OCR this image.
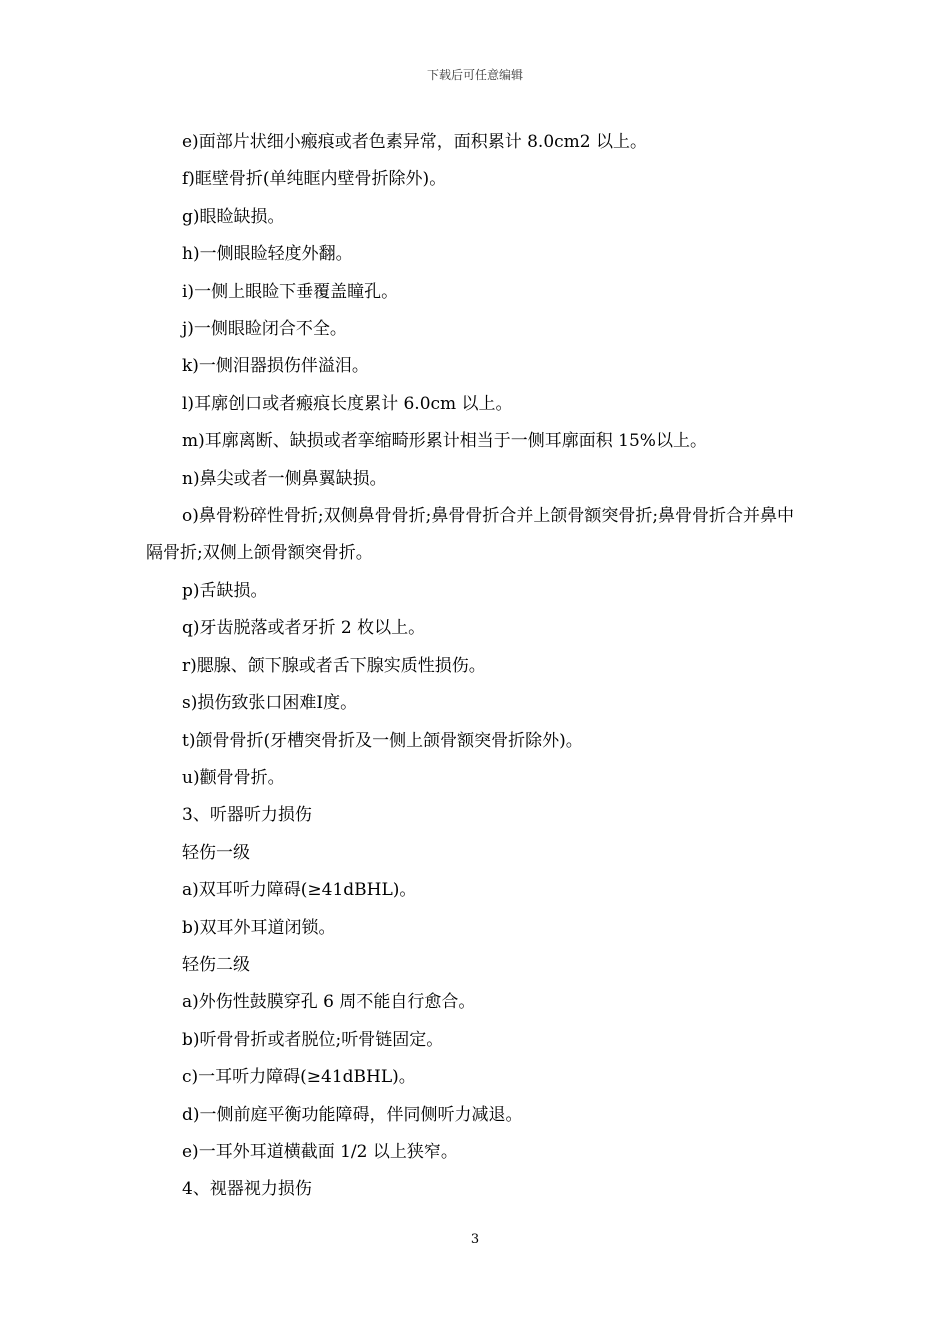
下载后可任意编辑

e)面部片状细小瘢痕或者色素异常，面积累计 8.0cm2 以上。

f)眶壁骨折(单纯眶内壁骨折除外)。

g)眼睑缺损。

h)一侧眼睑轻度外翻。

i)一侧上眼睑下垂覆盖瞳孔。

j)一侧眼睑闭合不全。

k)一侧泪器损伤伴溢泪。

l)耳廓创口或者瘢痕长度累计 6.0cm 以上。

m)耳廓离断、缺损或者挛缩畸形累计相当于一侧耳廓面积 15%以上。

n)鼻尖或者一侧鼻翼缺损。

o)鼻骨粉碎性骨折;双侧鼻骨骨折;鼻骨骨折合并上颌骨额突骨折;鼻骨骨折合并鼻中隔骨折;双侧上颌骨额突骨折。

p)舌缺损。

q)牙齿脱落或者牙折 2 枚以上。

r)腮腺、颌下腺或者舌下腺实质性损伤。

s)损伤致张口困难Ⅰ度。

t)颌骨骨折(牙槽突骨折及一侧上颌骨额突骨折除外)。

u)颧骨骨折。

3、听器听力损伤

轻伤一级

a)双耳听力障碍(≥41dBHL)。

b)双耳外耳道闭锁。

轻伤二级

a)外伤性鼓膜穿孔 6 周不能自行愈合。

b)听骨骨折或者脱位;听骨链固定。

c)一耳听力障碍(≥41dBHL)。

d)一侧前庭平衡功能障碍，伴同侧听力减退。

e)一耳外耳道横截面 1/2 以上狭窄。

4、视器视力损伤

3
